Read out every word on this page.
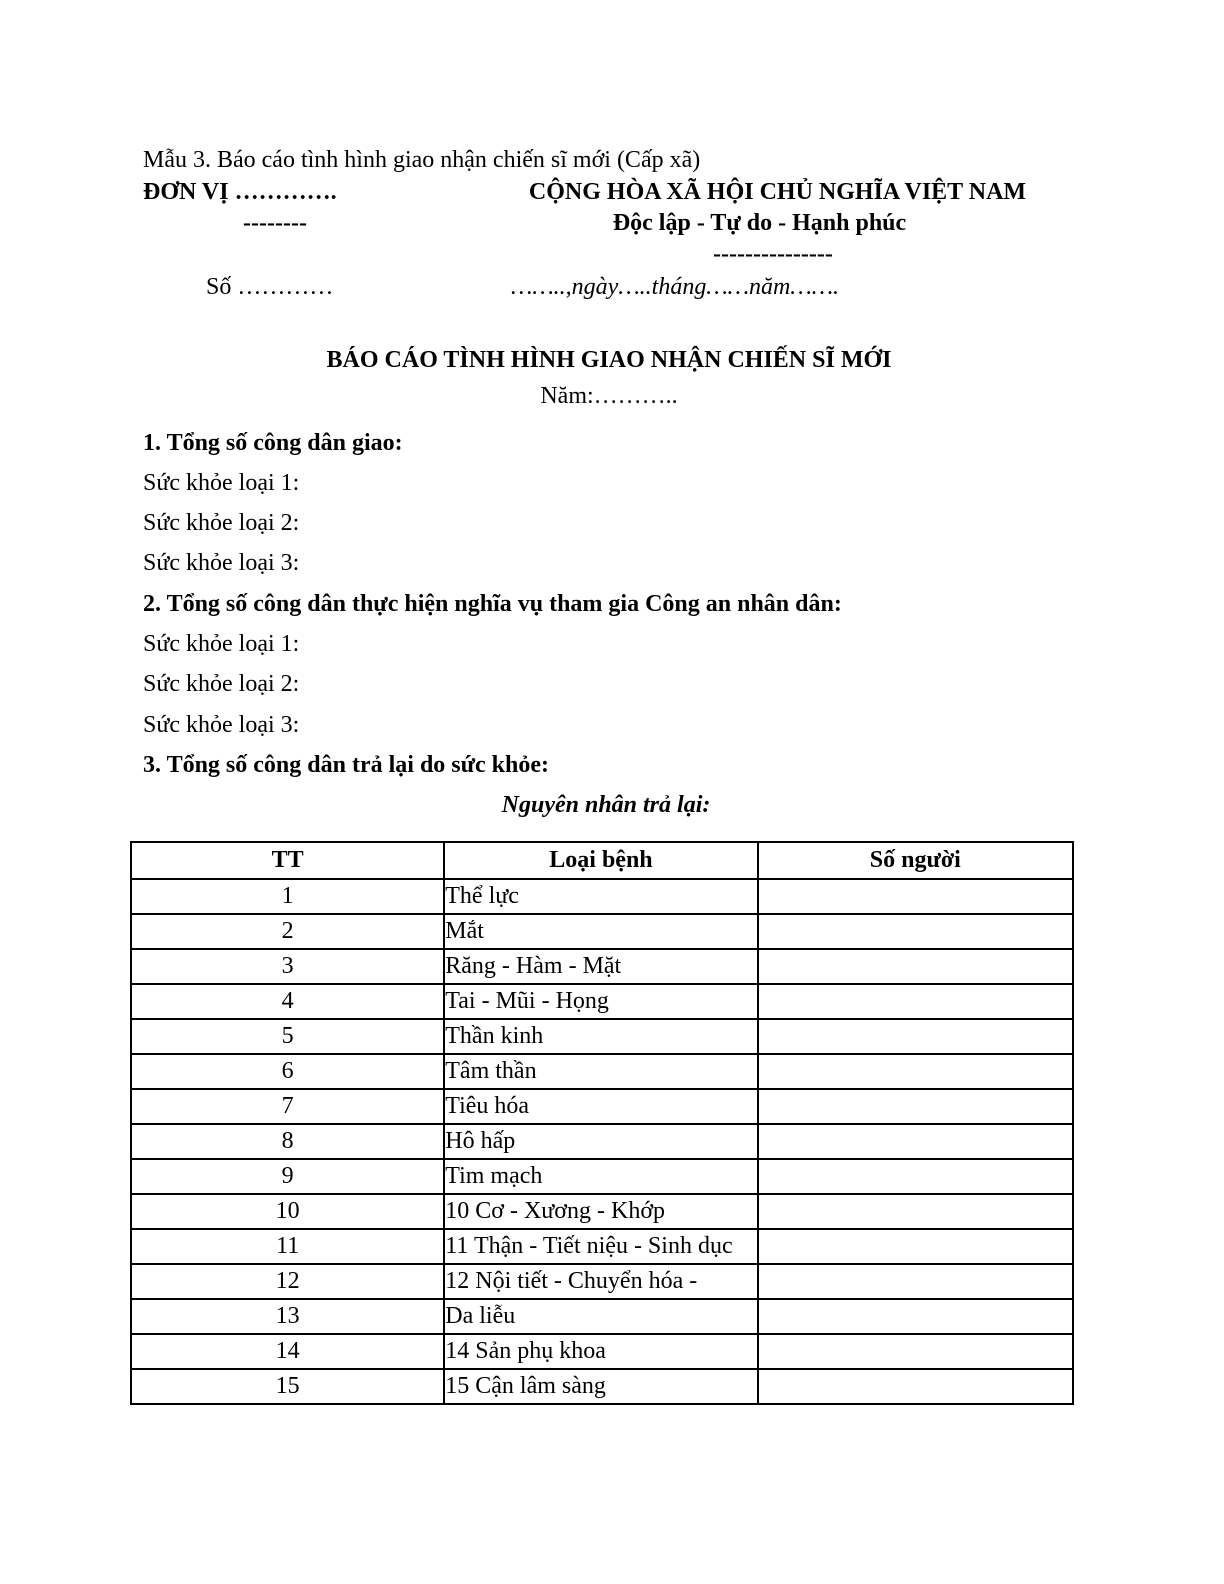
Mẫu 3. Báo cáo tình hình giao nhận chiến sĩ mới (Cấp xã)
ĐƠN VỊ ………….
--------
Số …………
CỘNG HÒA XÃ HỘI CHỦ NGHĨA VIỆT NAM
Độc lập - Tự do - Hạnh phúc
---------------
……..,ngày…..tháng……năm…….
BÁO CÁO TÌNH HÌNH GIAO NHẬN CHIẾN SĨ MỚI
Năm:………..
1. Tổng số công dân giao:
Sức khỏe loại 1:
Sức khỏe loại 2:
Sức khỏe loại 3:
2. Tổng số công dân thực hiện nghĩa vụ tham gia Công an nhân dân:
Sức khỏe loại 1:
Sức khỏe loại 2:
Sức khỏe loại 3:
3. Tổng số công dân trả lại do sức khỏe:
Nguyên nhân trả lại:
TT	Loại bệnh	Số người
1	Thể lực	
2	Mắt	
3	Răng - Hàm - Mặt	
4	Tai - Mũi - Họng	
5	Thần kinh	
6	Tâm thần	
7	Tiêu hóa	
8	Hô hấp	
9	Tim mạch	
10	10 Cơ - Xương - Khớp	
11	11 Thận - Tiết niệu - Sinh dục	
12	12 Nội tiết - Chuyển hóa -	
13	Da liễu	
14	14 Sản phụ khoa	
15	15 Cận lâm sàng	
